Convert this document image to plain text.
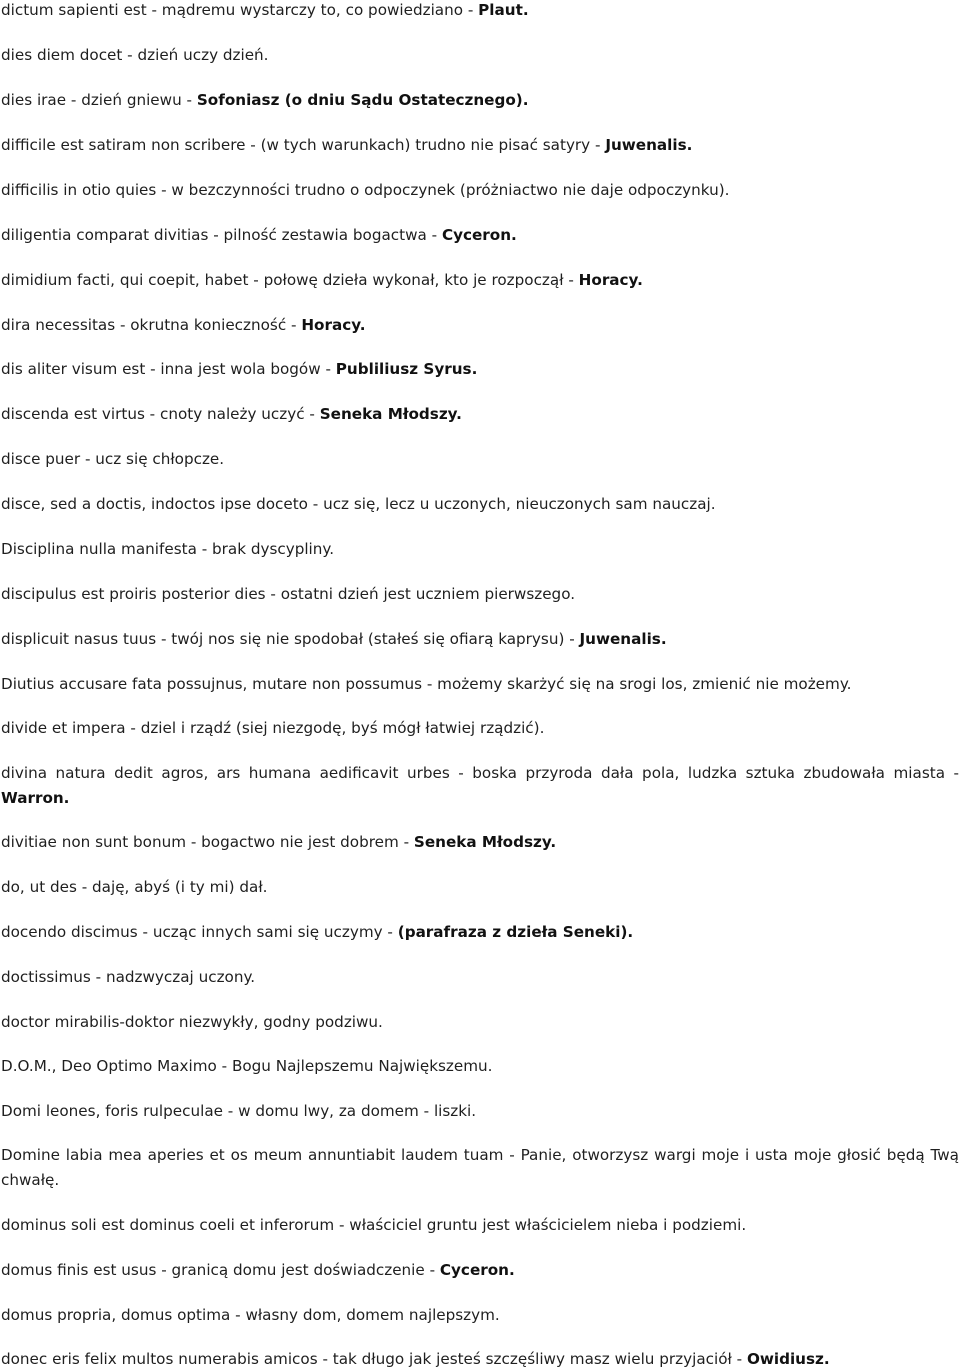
dictum sapienti est - mądremu wystarczy to, co powiedziano - Plaut.

dies diem docet - dzień uczy dzień.

dies irae - dzień gniewu - Sofoniasz (o dniu Sądu Ostatecznego).

difficile est satiram non scribere - (w tych warunkach) trudno nie pisać satyry - Juwenalis.

difficilis in otio quies - w bezczynności trudno o odpoczynek (próżniactwo nie daje odpoczynku).

diligentia comparat divitias - pilność zestawia bogactwa - Cyceron.

dimidium facti, qui coepit, habet - połowę dzieła wykonał, kto je rozpoczął - Horacy.

dira necessitas - okrutna konieczność - Horacy.

dis aliter visum est - inna jest wola bogów - Publiliusz Syrus.

discenda est virtus - cnoty należy uczyć - Seneka Młodszy.

disce puer - ucz się chłopcze.

disce, sed a doctis, indoctos ipse doceto - ucz się, lecz u uczonych, nieuczonych sam nauczaj.

Disciplina nulla manifesta - brak dyscypliny.

discipulus est proiris posterior dies - ostatni dzień jest uczniem pierwszego.

displicuit nasus tuus - twój nos się nie spodobał (stałeś się ofiarą kaprysu) - Juwenalis.

Diutius accusare fata possujnus, mutare non possumus - możemy skarżyć się na srogi los, zmienić nie możemy.

divide et impera - dziel i rządź (siej niezgodę, byś mógł łatwiej rządzić).

divina natura dedit agros, ars humana aedificavit urbes - boska przyroda dała pola, ludzka sztuka zbudowała miasta - Warron.

divitiae non sunt bonum - bogactwo nie jest dobrem - Seneka Młodszy.

do, ut des - daję, abyś (i ty mi) dał.

docendo discimus - ucząc innych sami się uczymy - (parafraza z dzieła Seneki).

doctissimus - nadzwyczaj uczony.

doctor mirabilis-doktor niezwykły, godny podziwu.

D.O.M., Deo Optimo Maximo - Bogu Najlepszemu Największemu.

Domi leones, foris rulpeculae - w domu lwy, za domem - liszki.

Domine labia mea aperies et os meum annuntiabit laudem tuam - Panie, otworzysz wargi moje i usta moje głosić będą Twą chwałę.

dominus soli est dominus coeli et inferorum - właściciel gruntu jest właścicielem nieba i podziemi.

domus finis est usus - granicą domu jest doświadczenie - Cyceron.

domus propria, domus optima - własny dom, domem najlepszym.

donec eris felix multos numerabis amicos - tak długo jak jesteś szczęśliwy masz wielu przyjaciół - Owidiusz.
